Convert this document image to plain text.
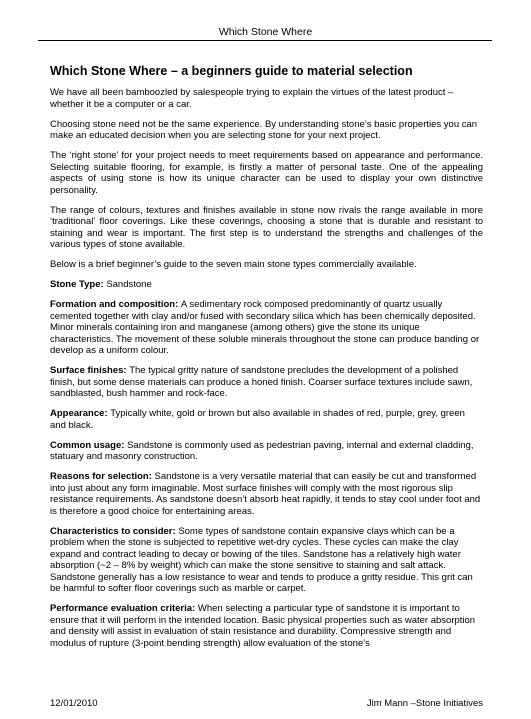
Which Stone Where
Which Stone Where – a beginners guide to material selection

We have all been bamboozled by salespeople trying to explain the virtues of the latest product – whether it be a computer or a car.

Choosing stone need not be the same experience. By understanding stone’s basic properties you can make an educated decision when you are selecting stone for your next project.

The ‘right stone’ for your project needs to meet requirements based on appearance and performance. Selecting suitable flooring, for example, is firstly a matter of personal taste. One of the appealing aspects of using stone is how its unique character can be used to display your own distinctive personality.

The range of colours, textures and finishes available in stone now rivals the range available in more ‘traditional’ floor coverings. Like these coverings, choosing a stone that is durable and resistant to staining and wear is important. The first step is to understand the strengths and challenges of the various types of stone available.

Below is a brief beginner’s guide to the seven main stone types commercially available.

Stone Type: Sandstone

Formation and composition: A sedimentary rock composed predominantly of quartz usually cemented together with clay and/or fused with secondary silica which has been chemically deposited. Minor minerals containing iron and manganese (among others) give the stone its unique characteristics. The movement of these soluble minerals throughout the stone can produce banding or develop as a uniform colour.

Surface finishes: The typical gritty nature of sandstone precludes the development of a polished finish, but some dense materials can produce a honed finish. Coarser surface textures include sawn, sandblasted, bush hammer and rock-face.

Appearance: Typically white, gold or brown but also available in shades of red, purple, grey, green and black.

Common usage: Sandstone is commonly used as pedestrian paving, internal and external cladding, statuary and masonry construction.

Reasons for selection: Sandstone is a very versatile material that can easily be cut and transformed into just about any form imaginable. Most surface finishes will comply with the most rigorous slip resistance requirements. As sandstone doesn’t absorb heat rapidly, it tends to stay cool under foot and is therefore a good choice for entertaining areas.

Characteristics to consider: Some types of sandstone contain expansive clays which can be a problem when the stone is subjected to repetitive wet-dry cycles. These cycles can make the clay expand and contract leading to decay or bowing of the tiles. Sandstone has a relatively high water absorption (~2 – 8% by weight) which can make the stone sensitive to staining and salt attack. Sandstone generally has a low resistance to wear and tends to produce a gritty residue. This grit can be harmful to softer floor coverings such as marble or carpet.

Performance evaluation criteria: When selecting a particular type of sandstone it is important to ensure that it will perform in the intended location. Basic physical properties such as water absorption and density will assist in evaluation of stain resistance and durability. Compressive strength and modulus of rupture (3-point bending strength) allow evaluation of the stone’s

12/01/2010	Jim Mann –Stone Initiatives
